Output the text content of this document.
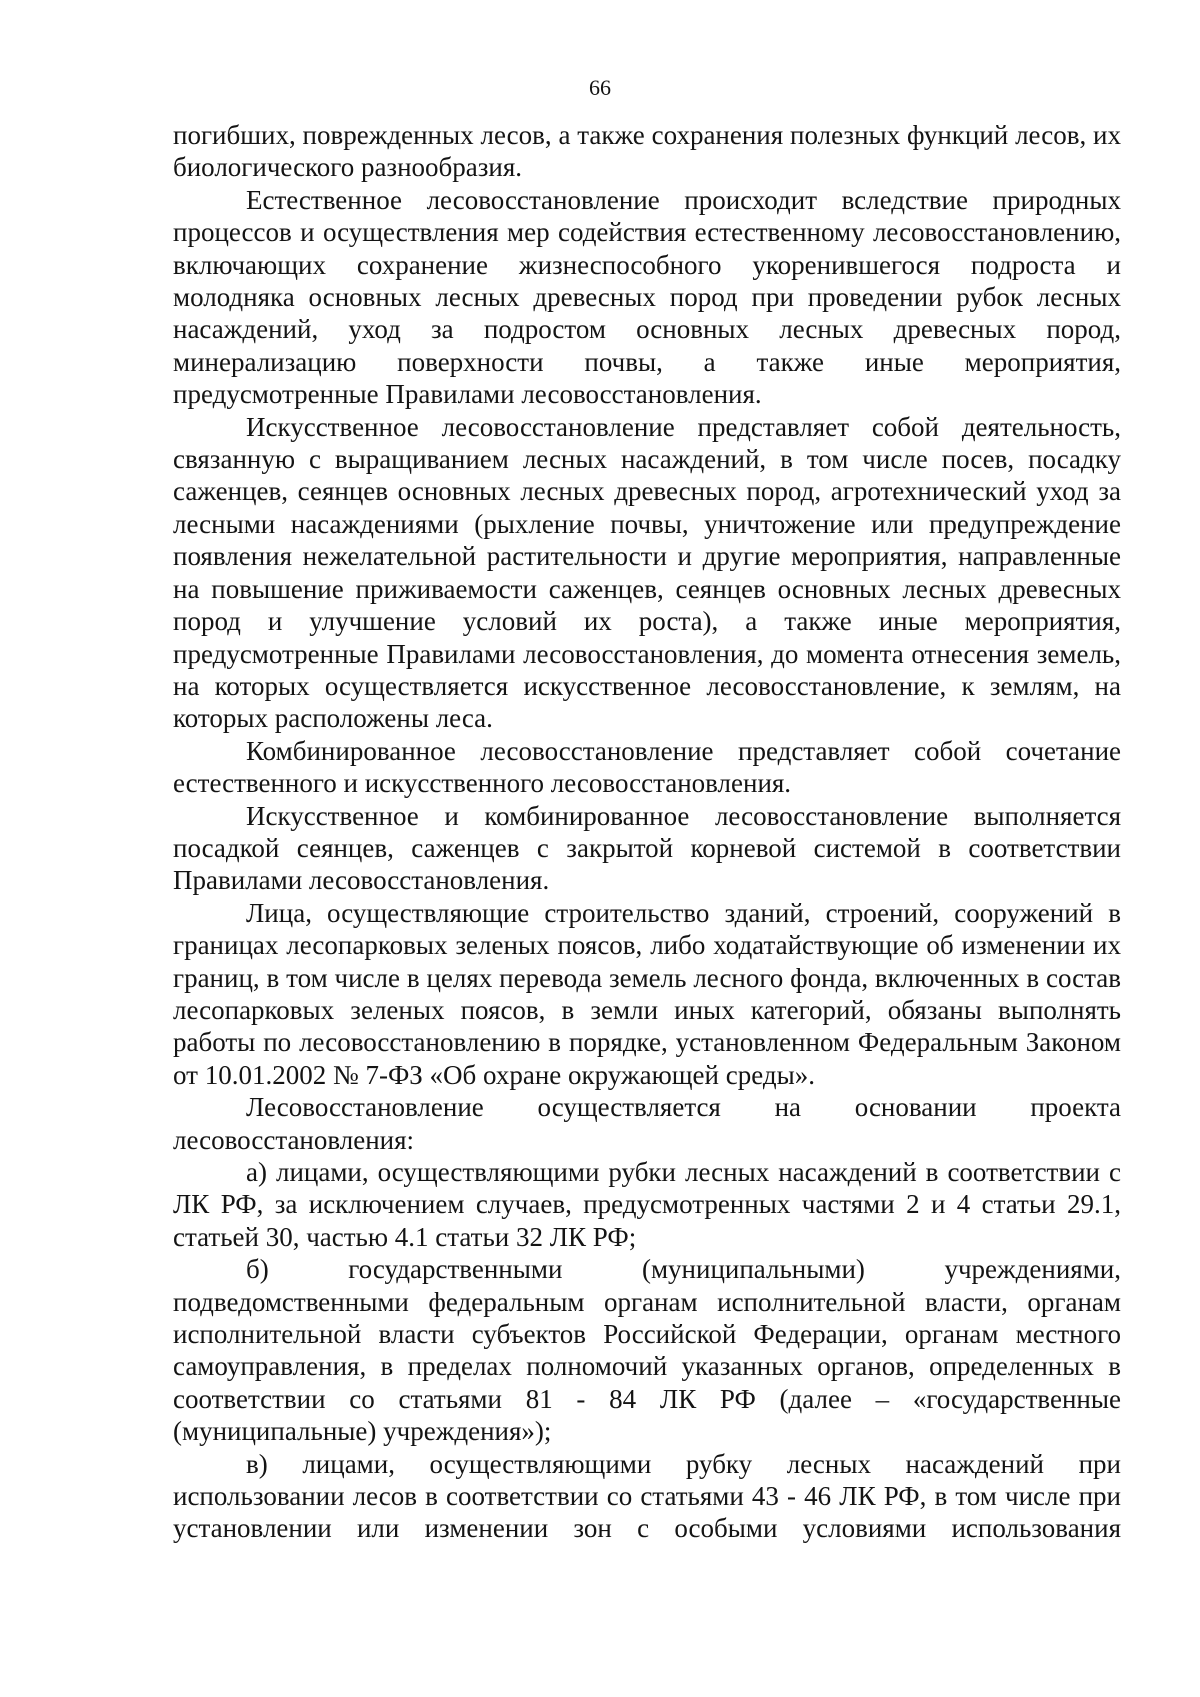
66

погибших, поврежденных лесов, а также сохранения полезных функций лесов, их биологического разнообразия.

Естественное лесовосстановление происходит вследствие природных процессов и осуществления мер содействия естественному лесовосстановлению, включающих сохранение жизнеспособного укоренившегося подроста и молодняка основных лесных древесных пород при проведении рубок лесных насаждений, уход за подростом основных лесных древесных пород, минерализацию поверхности почвы, а также иные мероприятия, предусмотренные Правилами лесовосстановления.

Искусственное лесовосстановление представляет собой деятельность, связанную с выращиванием лесных насаждений, в том числе посев, посадку саженцев, сеянцев основных лесных древесных пород, агротехнический уход за лесными насаждениями (рыхление почвы, уничтожение или предупреждение появления нежелательной растительности и другие мероприятия, направленные на повышение приживаемости саженцев, сеянцев основных лесных древесных пород и улучшение условий их роста), а также иные мероприятия, предусмотренные Правилами лесовосстановления, до момента отнесения земель, на которых осуществляется искусственное лесовосстановление, к землям, на которых расположены леса.

Комбинированное лесовосстановление представляет собой сочетание естественного и искусственного лесовосстановления.

Искусственное и комбинированное лесовосстановление выполняется посадкой сеянцев, саженцев с закрытой корневой системой в соответствии Правилами лесовосстановления.

Лица, осуществляющие строительство зданий, строений, сооружений в границах лесопарковых зеленых поясов, либо ходатайствующие об изменении их границ, в том числе в целях перевода земель лесного фонда, включенных в состав лесопарковых зеленых поясов, в земли иных категорий, обязаны выполнять работы по лесовосстановлению в порядке, установленном Федеральным Законом от 10.01.2002 № 7-ФЗ «Об охране окружающей среды».

Лесовосстановление осуществляется на основании проекта лесовосстановления:

а) лицами, осуществляющими рубки лесных насаждений в соответствии с ЛК РФ, за исключением случаев, предусмотренных частями 2 и 4 статьи 29.1, статьей 30, частью 4.1 статьи 32 ЛК РФ;

б) государственными (муниципальными) учреждениями, подведомственными федеральным органам исполнительной власти, органам исполнительной власти субъектов Российской Федерации, органам местного самоуправления, в пределах полномочий указанных органов, определенных в соответствии со статьями 81 - 84 ЛК РФ (далее – «государственные (муниципальные) учреждения»);

в) лицами, осуществляющими рубку лесных насаждений при использовании лесов в соответствии со статьями 43 - 46 ЛК РФ, в том числе при установлении или изменении зон с особыми условиями использования
